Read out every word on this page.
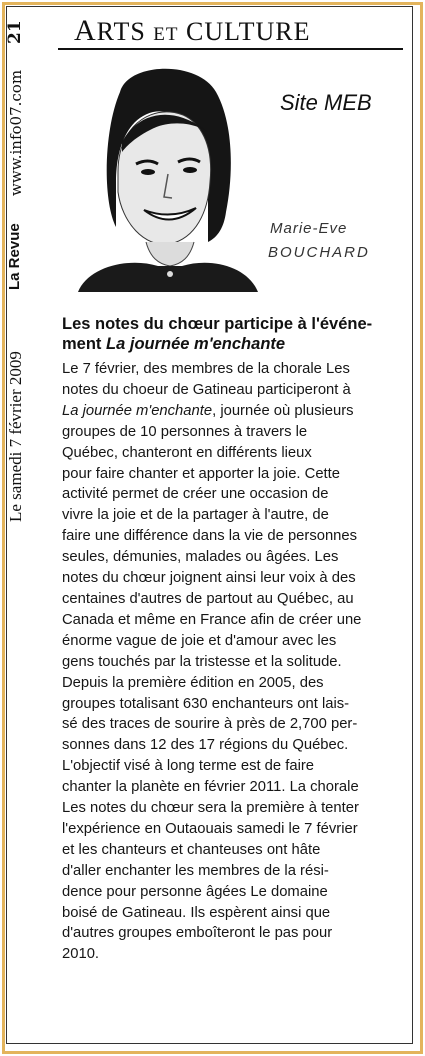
21
www.info07.com
La Revue
Le samedi 7 février 2009
ARTS ET CULTURE
Site MEB
Marie-Eve
BOUCHARD
Les notes du chœur participe à l'événe-
ment La journée m'enchante
Le 7 février, des membres de la chorale Les
notes du choeur de Gatineau participeront à
La journée m'enchante, journée où plusieurs
groupes de 10 personnes à travers le
Québec, chanteront en différents lieux
pour faire chanter et apporter la joie. Cette
activité permet de créer une occasion de
vivre la joie et de la partager à l'autre, de
faire une différence dans la vie de personnes
seules, démunies, malades ou âgées. Les
notes du chœur joignent ainsi leur voix à des
centaines d'autres de partout au Québec, au
Canada et même en France afin de créer une
énorme vague de joie et d'amour avec les
gens touchés par la tristesse et la solitude.
Depuis la première édition en 2005, des
groupes totalisant 630 enchanteurs ont lais-
sé des traces de sourire à près de 2,700 per-
sonnes dans 12 des 17 régions du Québec.
L'objectif visé à long terme est de faire
chanter la planète en février 2011. La chorale
Les notes du chœur sera la première à tenter
l'expérience en Outaouais samedi le 7 février
et les chanteurs et chanteuses ont hâte
d'aller enchanter les membres de la rési-
dence pour personne âgées Le domaine
boisé de Gatineau. Ils espèrent ainsi que
d'autres groupes emboîteront le pas pour
2010.
